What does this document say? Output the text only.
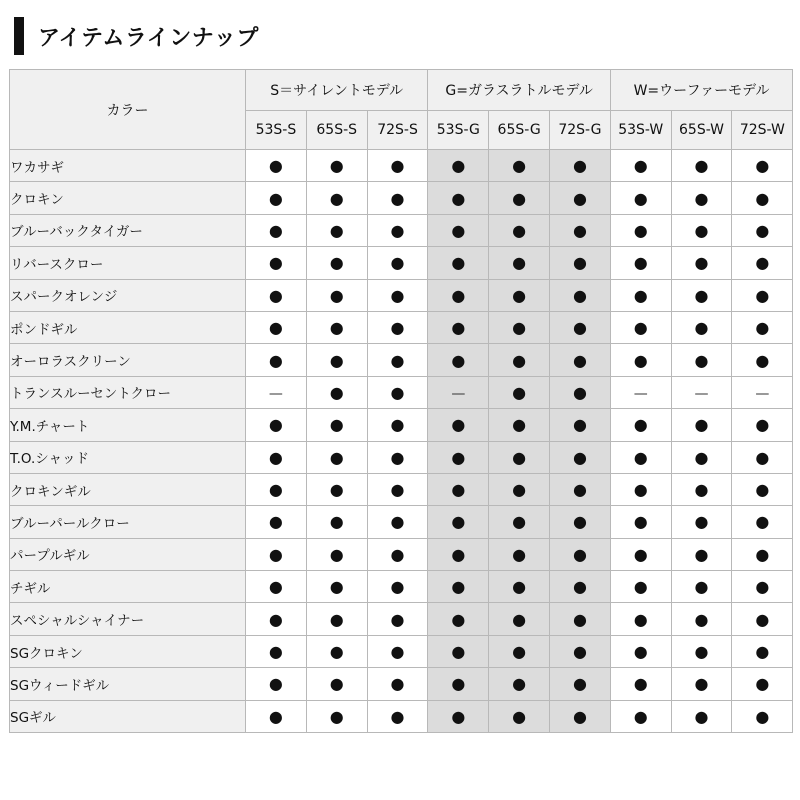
アイテムラインナップ
カラー	S＝サイレントモデル			G=ガラスラトルモデル			W=ウーファーモデル		
	53S-S	65S-S	72S-S	53S-G	65S-G	72S-G	53S-W	65S-W	72S-W
ワカサギ	●	●	●	●	●	●	●	●	●
クロキン	●	●	●	●	●	●	●	●	●
ブルーバックタイガー	●	●	●	●	●	●	●	●	●
リバースクロー	●	●	●	●	●	●	●	●	●
スパークオレンジ	●	●	●	●	●	●	●	●	●
ポンドギル	●	●	●	●	●	●	●	●	●
オーロラスクリーン	●	●	●	●	●	●	●	●	●
トランスルーセントクロー	—	●	●	—	●	●	—	—	—
Y.M.チャート	●	●	●	●	●	●	●	●	●
T.O.シャッド	●	●	●	●	●	●	●	●	●
クロキンギル	●	●	●	●	●	●	●	●	●
ブルーパールクロー	●	●	●	●	●	●	●	●	●
パープルギル	●	●	●	●	●	●	●	●	●
チギル	●	●	●	●	●	●	●	●	●
スペシャルシャイナー	●	●	●	●	●	●	●	●	●
SGクロキン	●	●	●	●	●	●	●	●	●
SGウィードギル	●	●	●	●	●	●	●	●	●
SGギル	●	●	●	●	●	●	●	●	●
